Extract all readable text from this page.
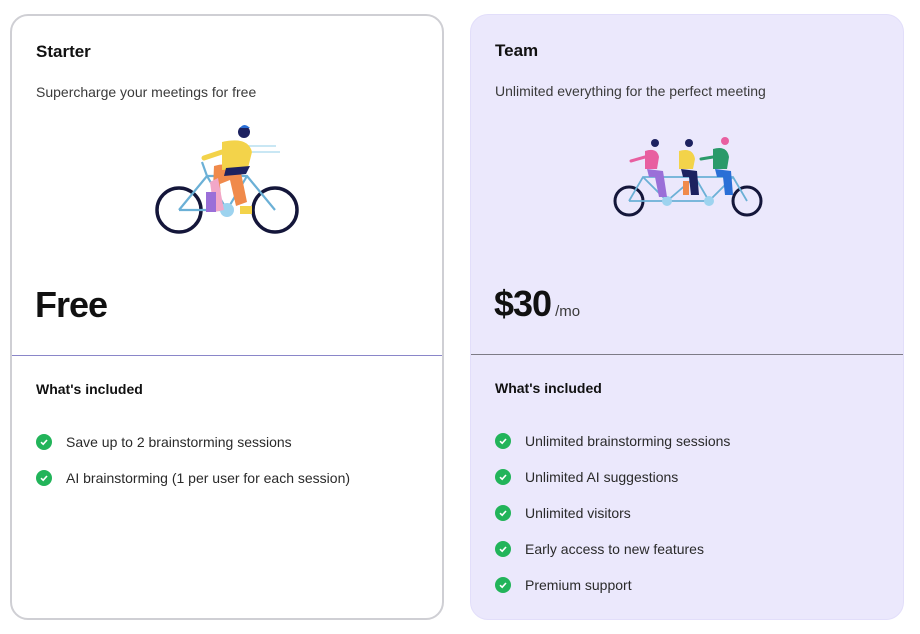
Starter
Supercharge your meetings for free
Free
What's included
Save up to 2 brainstorming sessions
AI brainstorming (1 per user for each session)
Team
Unlimited everything for the perfect meeting
$30 /mo
What's included
Unlimited brainstorming sessions
Unlimited AI suggestions
Unlimited visitors
Early access to new features
Premium support
